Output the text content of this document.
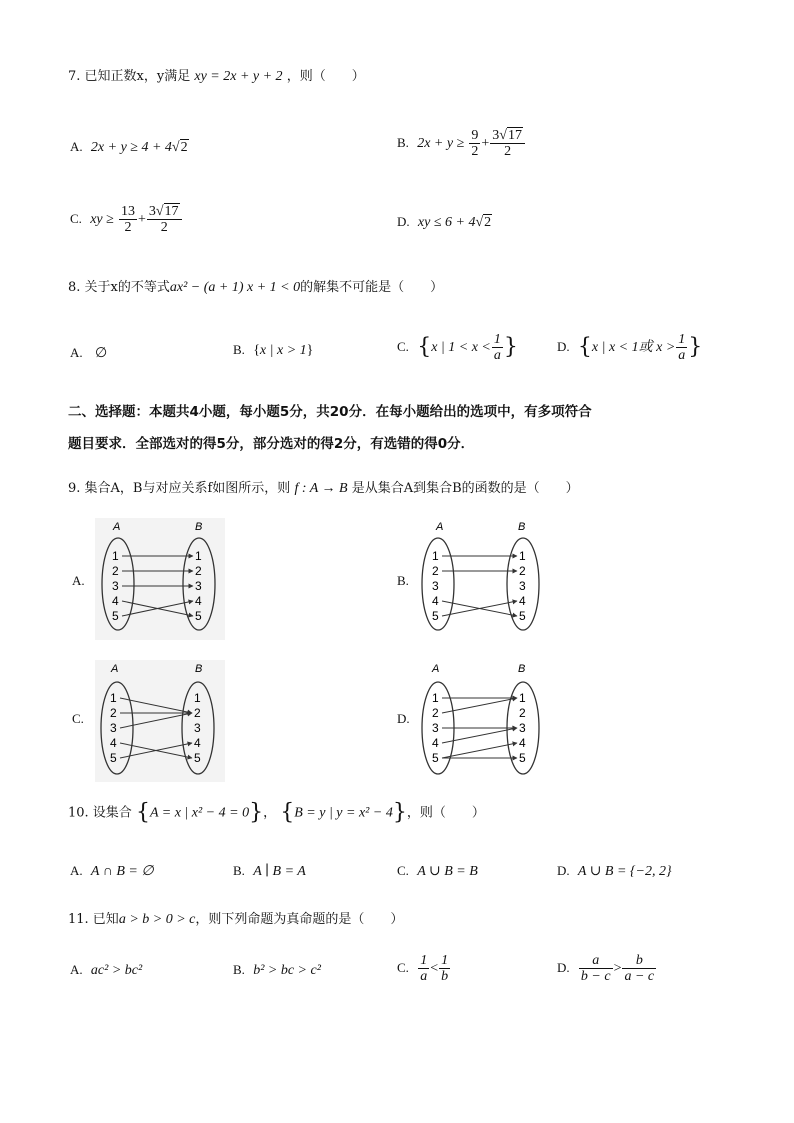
7. 已知正数x，y满足 xy = 2x + y + 2 ，则（　　）
A. 2x + y ≥ 4 + 4√2	B. $2x + y \ge \frac{9}{2} + \frac{3√17}{2}$
C. xy ≥ $\frac{13}{2} + \frac{3√17}{2}$	D. xy ≤ 6 + 4√2
8. 关于x的不等式ax² − (a + 1) x + 1 < 0的解集不可能是（　　）
A. ∅	B. {x | x > 1}	C. {x | $1 < x < \frac{1}{a}$ }	D. {x | x < 1或 $x > \frac{1}{a}$ }
二、选择题：本题共4小题，每小题5分，共20分．在每小题给出的选项中，有多项符合
题目要求．全部选对的得5分，部分选对的得2分，有选错的得0分．
9. 集合A，B与对应关系f如图所示，则 f : A → B 是从集合A到集合B的函数的是（　　）
A.	B.
C.	D.
A	B
1
2
3
4
5
1
2
3
4
5
A	B
1
2
3
4
5
1
2
3
4
5
A	B
1
2
3
4
5
1
2
3
4
5
A	B
1
2
3
4
5
1
2
3
4
5
10. 设集合 {A = x | x² − 4 = 0}， {B = y | y = x² − 4}，则（　　）
A. A ∩ B = ∅	B. A ∣ B = A	C. A ∪ B = B	D. A ∪ B = {−2, 2}
11. 已知a > b > 0 > c，则下列命题为真命题的是（　　）
A. ac² > bc²	B. b² > bc > c²	C. $\frac{1}{a} < \frac{1}{b}$	D. $\frac{a}{b - c} > \frac{b}{a - c}$
